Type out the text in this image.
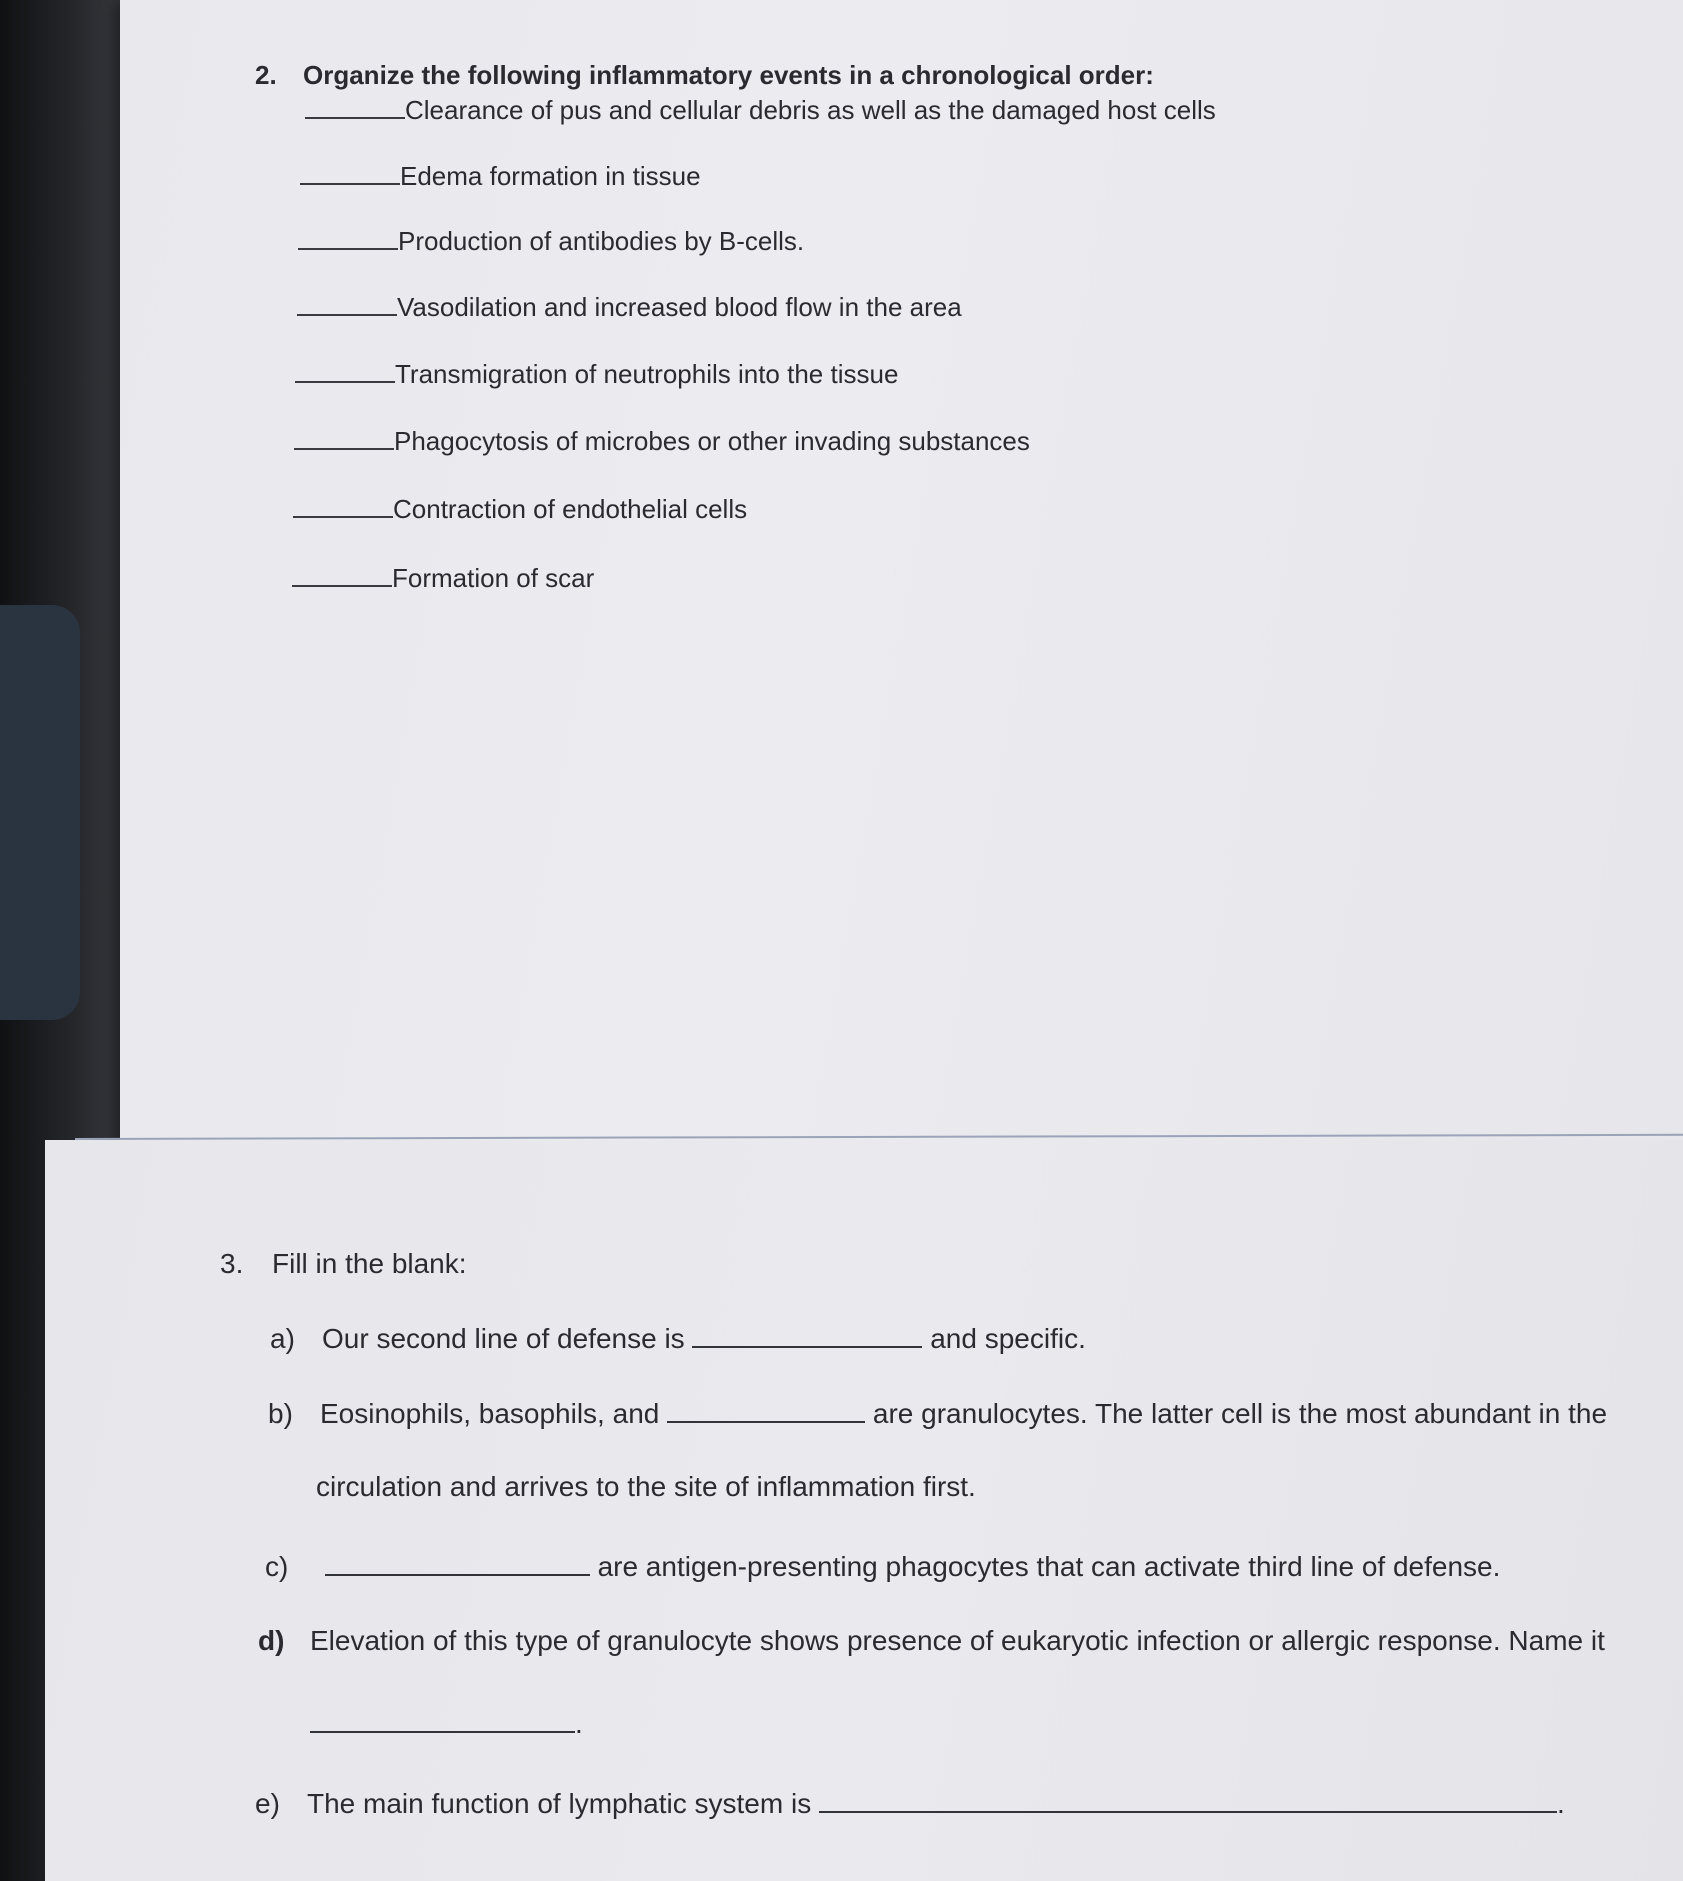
2. Organize the following inflammatory events in a chronological order:
Clearance of pus and cellular debris as well as the damaged host cells
Edema formation in tissue
Production of antibodies by B-cells.
Vasodilation and increased blood flow in the area
Transmigration of neutrophils into the tissue
Phagocytosis of microbes or other invading substances
Contraction of endothelial cells
Formation of scar
3. Fill in the blank:
a) Our second line of defense is	and specific.
b) Eosinophils, basophils, and	are granulocytes. The latter cell is the most abundant in the
circulation and arrives to the site of inflammation first.
c)	are antigen-presenting phagocytes that can activate third line of defense.
d) Elevation of this type of granulocyte shows presence of eukaryotic infection or allergic response. Name it
.
e) The main function of lymphatic system is	.
